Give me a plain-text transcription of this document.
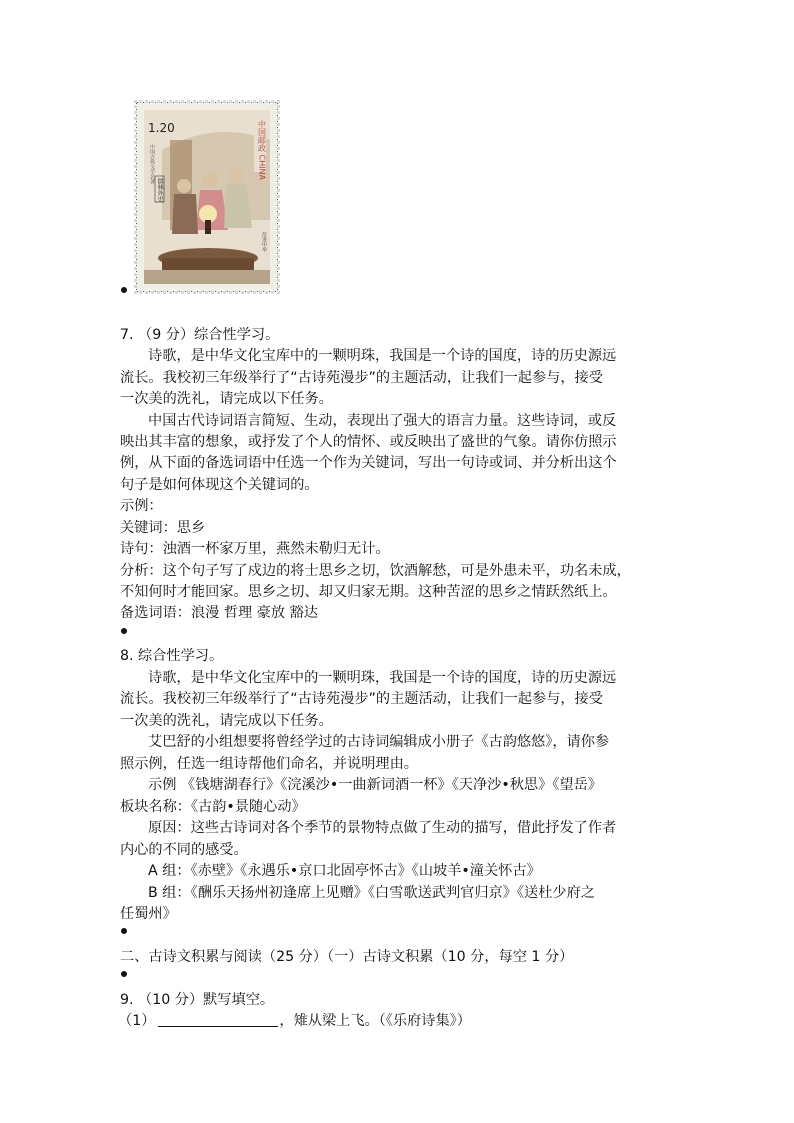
1.20	中国邮政 CHINA
中国古典文学名著
儒林外史
范进中举
7. （9 分）综合性学习。
诗歌，是中华文化宝库中的一颗明珠，我国是一个诗的国度，诗的历史源远
流长。我校初三年级举行了“古诗苑漫步”的主题活动，让我们一起参与，接受
一次美的洗礼，请完成以下任务。
中国古代诗词语言简短、生动，表现出了强大的语言力量。这些诗词，或反
映出其丰富的想象，或抒发了个人的情怀、或反映出了盛世的气象。请你仿照示
例，从下面的备选词语中任选一个作为关键词，写出一句诗或词、并分析出这个
句子是如何体现这个关键词的。
示例：
关键词：思乡
诗句：浊酒一杯家万里，燕然未勒归无计。
分析：这个句子写了戍边的将士思乡之切，饮酒解愁，可是外患未平，功名未成，
不知何时才能回家。思乡之切、却又归家无期。这种苦涩的思乡之情跃然纸上。
备选词语：浪漫 哲理 豪放 豁达
8. 综合性学习。
诗歌，是中华文化宝库中的一颗明珠，我国是一个诗的国度，诗的历史源远
流长。我校初三年级举行了“古诗苑漫步”的主题活动，让我们一起参与，接受
一次美的洗礼，请完成以下任务。
艾巴舒的小组想要将曾经学过的古诗词编辑成小册子《古韵悠悠》，请你参
照示例，任选一组诗帮他们命名，并说明理由。
示例 《钱塘湖春行》《浣溪沙•一曲新词酒一杯》《天净沙•秋思》《望岳》
板块名称：《古韵•景随心动》
原因：这些古诗词对各个季节的景物特点做了生动的描写，借此抒发了作者
内心的不同的感受。
A 组：《赤壁》《永遇乐•京口北固亭怀古》《山坡羊•潼关怀古》
B 组：《酬乐天扬州初逢席上见赠》《白雪歌送武判官归京》《送杜少府之
任蜀州》
二、古诗文积累与阅读（25 分）（一）古诗文积累（10 分，每空 1 分）
9. （10 分）默写填空。
（1）	，雉从梁上飞。（《乐府诗集》）
